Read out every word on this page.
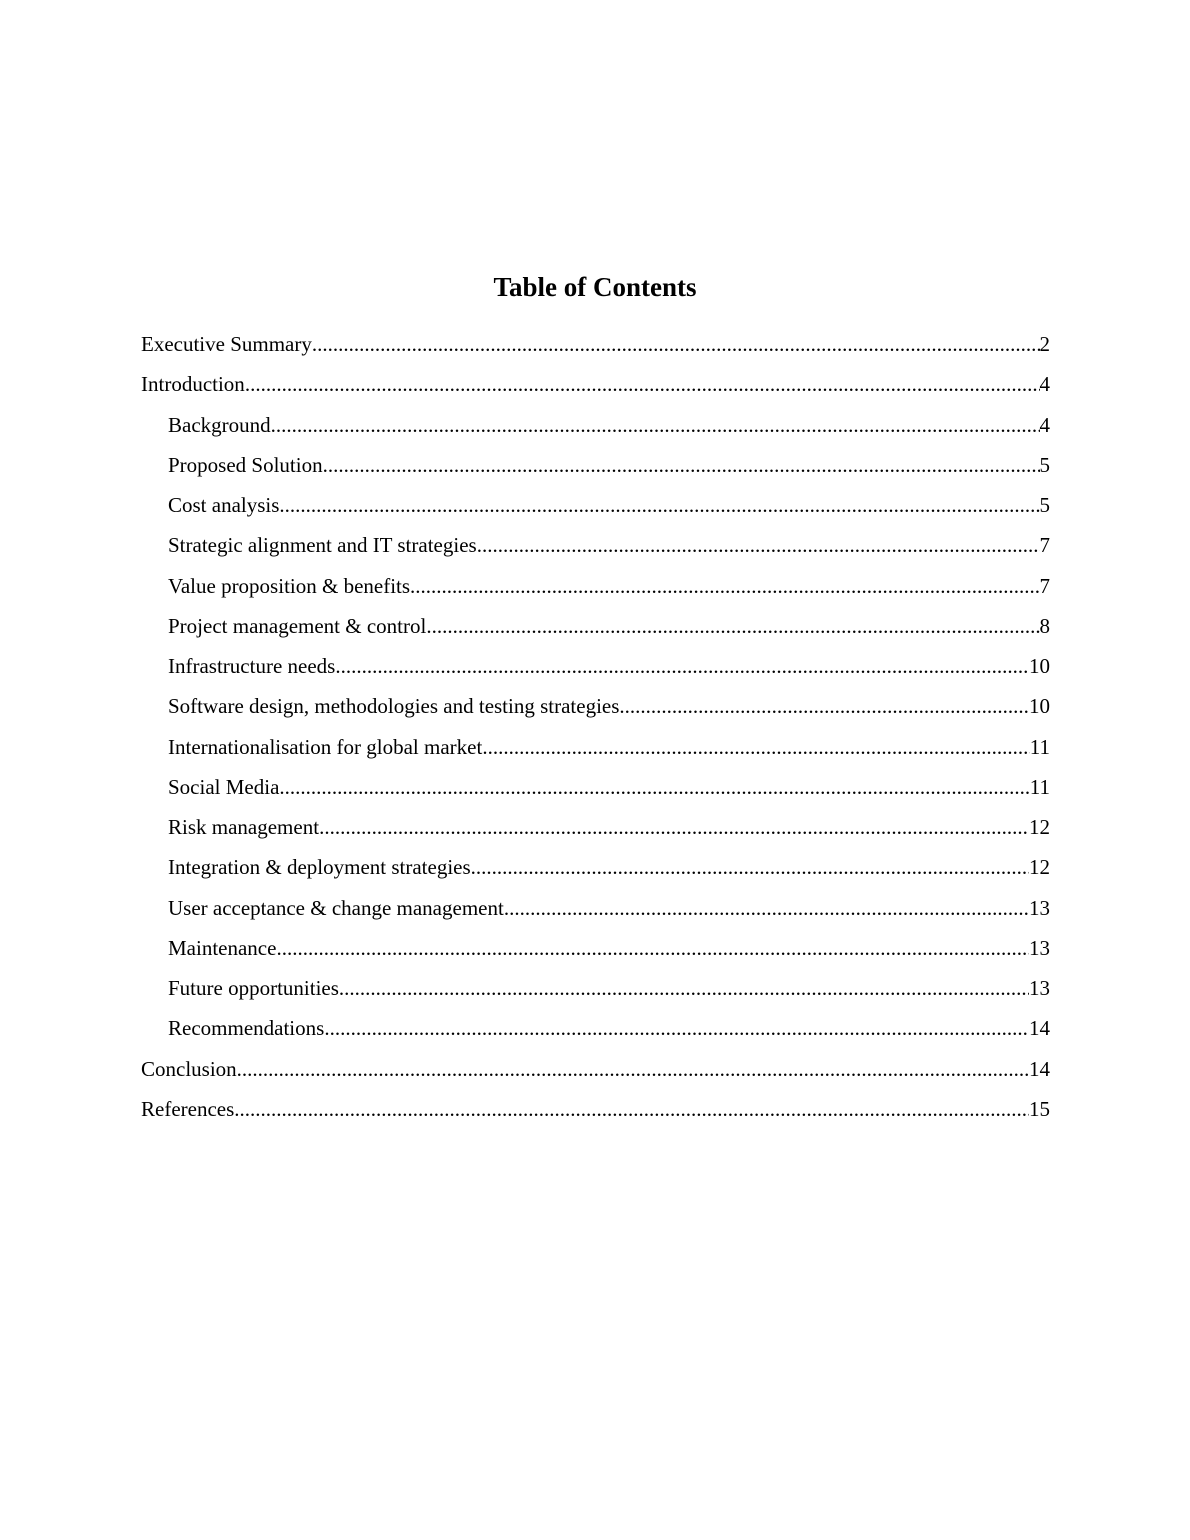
Table of Contents
Executive Summary .....	2
Introduction .....	4
Background .....	4
Proposed Solution .....	5
Cost analysis .....	5
Strategic alignment and IT strategies .....	7
Value proposition & benefits .....	7
Project management & control .....	8
Infrastructure needs .....	10
Software design, methodologies and testing strategies .....	10
Internationalisation for global market .....	11
Social Media .....	11
Risk management .....	12
Integration & deployment strategies .....	12
User acceptance & change management .....	13
Maintenance .....	13
Future opportunities .....	13
Recommendations .....	14
Conclusion .....	14
References .....	15
